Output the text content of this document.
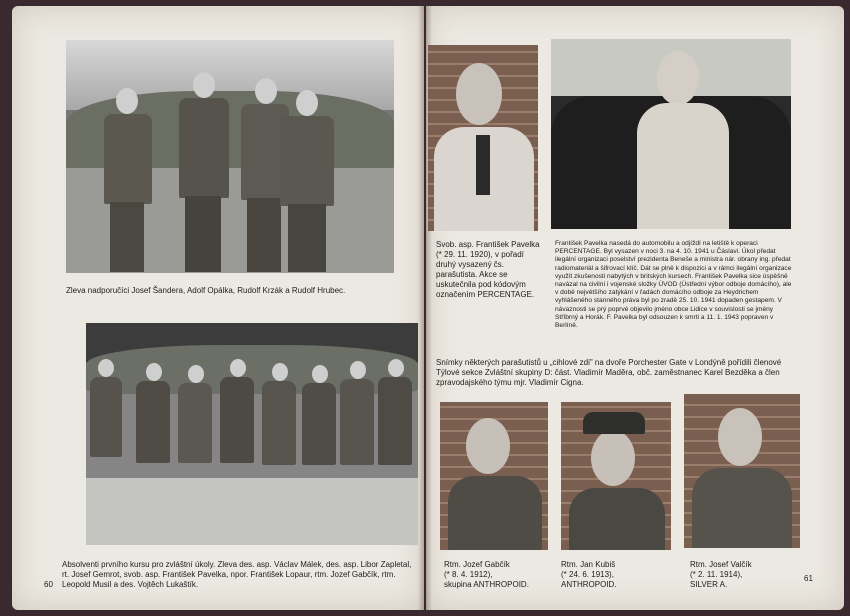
Zleva nadporučíci Josef Šandera, Adolf Opálka, Rudolf Krzák a Rudolf Hrubec.
Absolventi prvního kursu pro zvláštní úkoly. Zleva des. asp. Václav Málek, des. asp. Libor Zapletal, rt. Josef Gemrot, svob. asp. František Pavelka, npor. František Lopaur, rtm. Jozef Gabčík, rtm. Leopold Musil a des. Vojtěch Lukaštík.
60
Svob. asp. František Pavelka (* 29. 11. 1920), v pořadí druhý vysazený čs. parašutista. Akce se uskutečnila pod kódovým označením PERCENTAGE.
František Pavelka nasedá do automobilu a odjíždí na letiště k operaci PERCENTAGE. Byl vysazen v noci 3. na 4. 10. 1941 u Čáslavi. Úkol předat ilegální organizaci poselství prezidenta Beneše a ministra nár. obrany ing. předat radiomateriál a šifrovací klíč. Dát se plně k dispozici a v rámci ilegální organizace využít zkušenosti nabytých v britských kursech. František Pavelka sice úspěšně navázal na civilní i vojenské složky ÚVOD (Ústřední výbor odboje domácího), ale v době největšího zatýkání v řadách domácího odboje za Heydrichem vyhlášeného stanného práva byl po zradě 25. 10. 1941 dopaden gestapem. V návaznosti se prý poprvé objevilo jméno obce Lidice v souvislosti se jmény Stříbrný a Horák. F. Pavelka byl odsouzen k smrti a 11. 1. 1943 popraven v Berlíně.
Snímky některých parašutistů u „cihlové zdi" na dvoře Porchester Gate v Londýně pořídili členové Týlové sekce Zvláštní skupiny D: část. Vladimír Maděra, obč. zaměstnanec Karel Bezděka a člen zpravodajského týmu mjr. Vladimír Cigna.
Rtm. Jozef Gabčík
(* 8. 4. 1912),
skupina ANTHROPOID.
Rtm. Jan Kubiš
(* 24. 6. 1913),
ANTHROPOID.
Rtm. Josef Valčík
(* 2. 11. 1914),
SILVER A.
61
